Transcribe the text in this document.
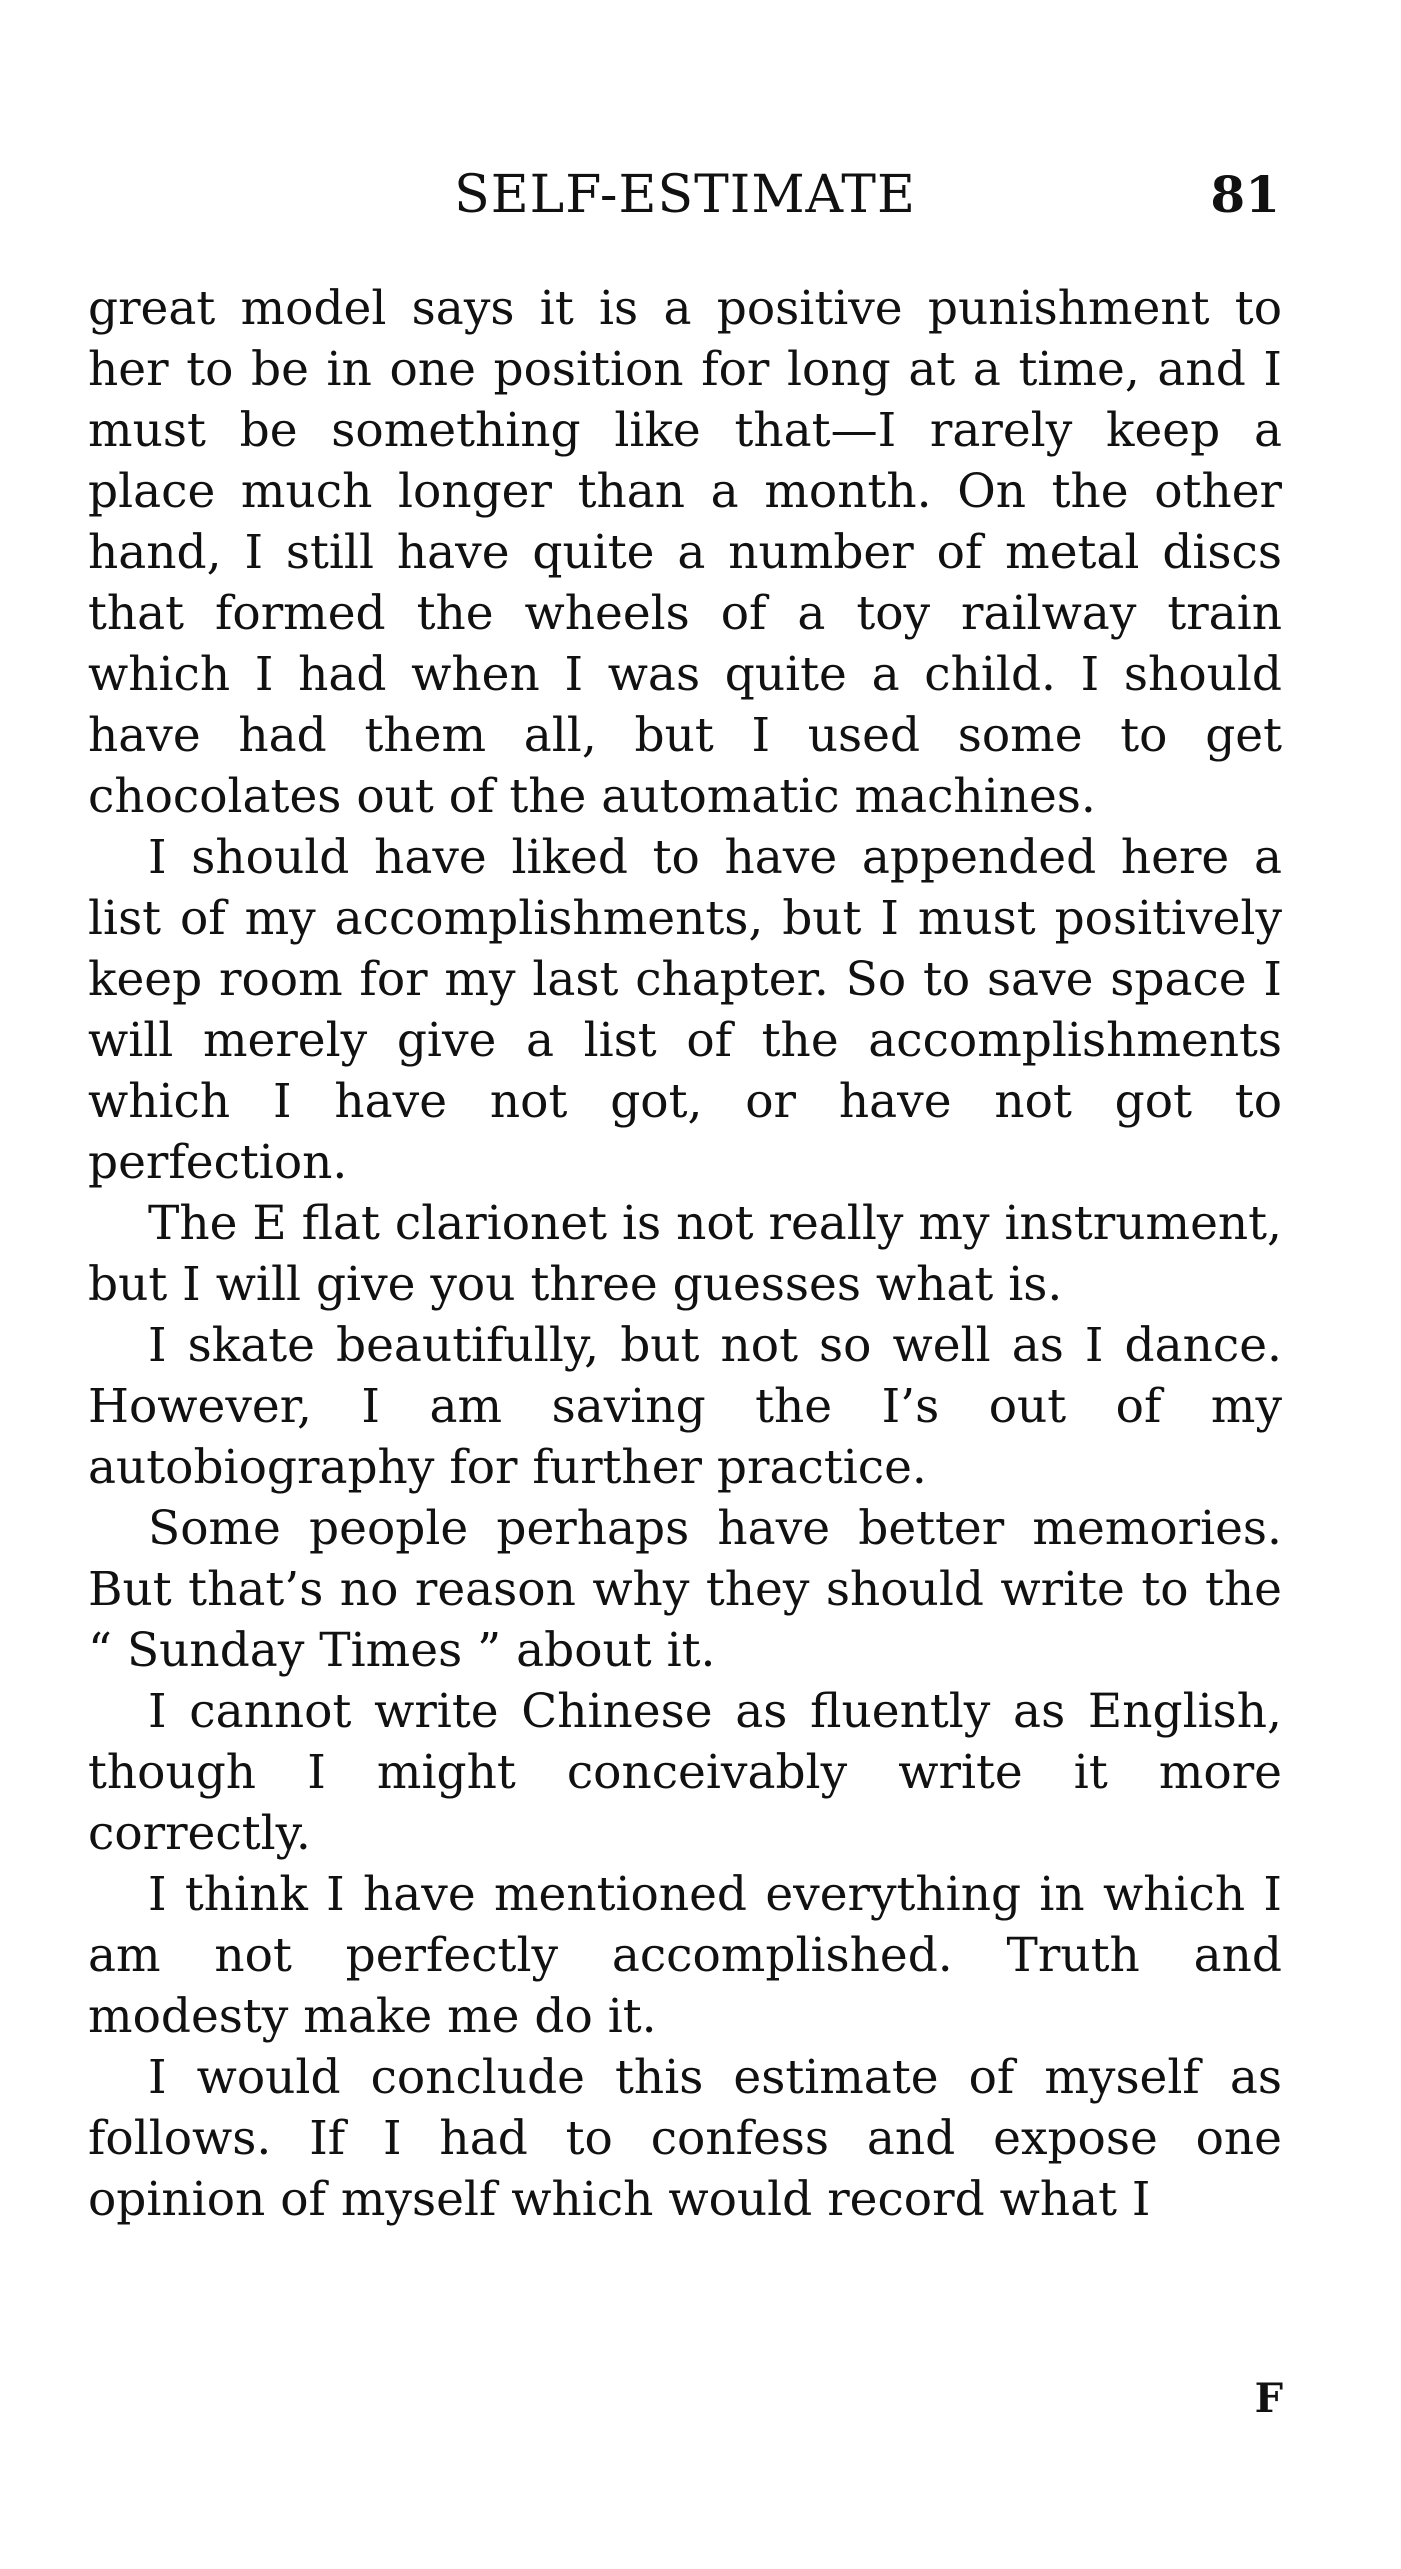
SELF-ESTIMATE	81

great model says it is a positive punishment to her to be in one position for long at a time, and I must be something like that—I rarely keep a place much longer than a month. On the other hand, I still have quite a number of metal discs that formed the wheels of a toy railway train which I had when I was quite a child. I should have had them all, but I used some to get chocolates out of the automatic machines.

I should have liked to have appended here a list of my accomplishments, but I must positively keep room for my last chapter. So to save space I will merely give a list of the accomplishments which I have not got, or have not got to perfection.

The E flat clarionet is not really my instrument, but I will give you three guesses what is.

I skate beautifully, but not so well as I dance. However, I am saving the I’s out of my autobiography for further practice.

Some people perhaps have better memories. But that’s no reason why they should write to the “ Sunday Times ” about it.

I cannot write Chinese as fluently as English, though I might conceivably write it more correctly.

I think I have mentioned everything in which I am not perfectly accomplished. Truth and modesty make me do it.

I would conclude this estimate of myself as follows. If I had to confess and expose one opinion of myself which would record what I

F
